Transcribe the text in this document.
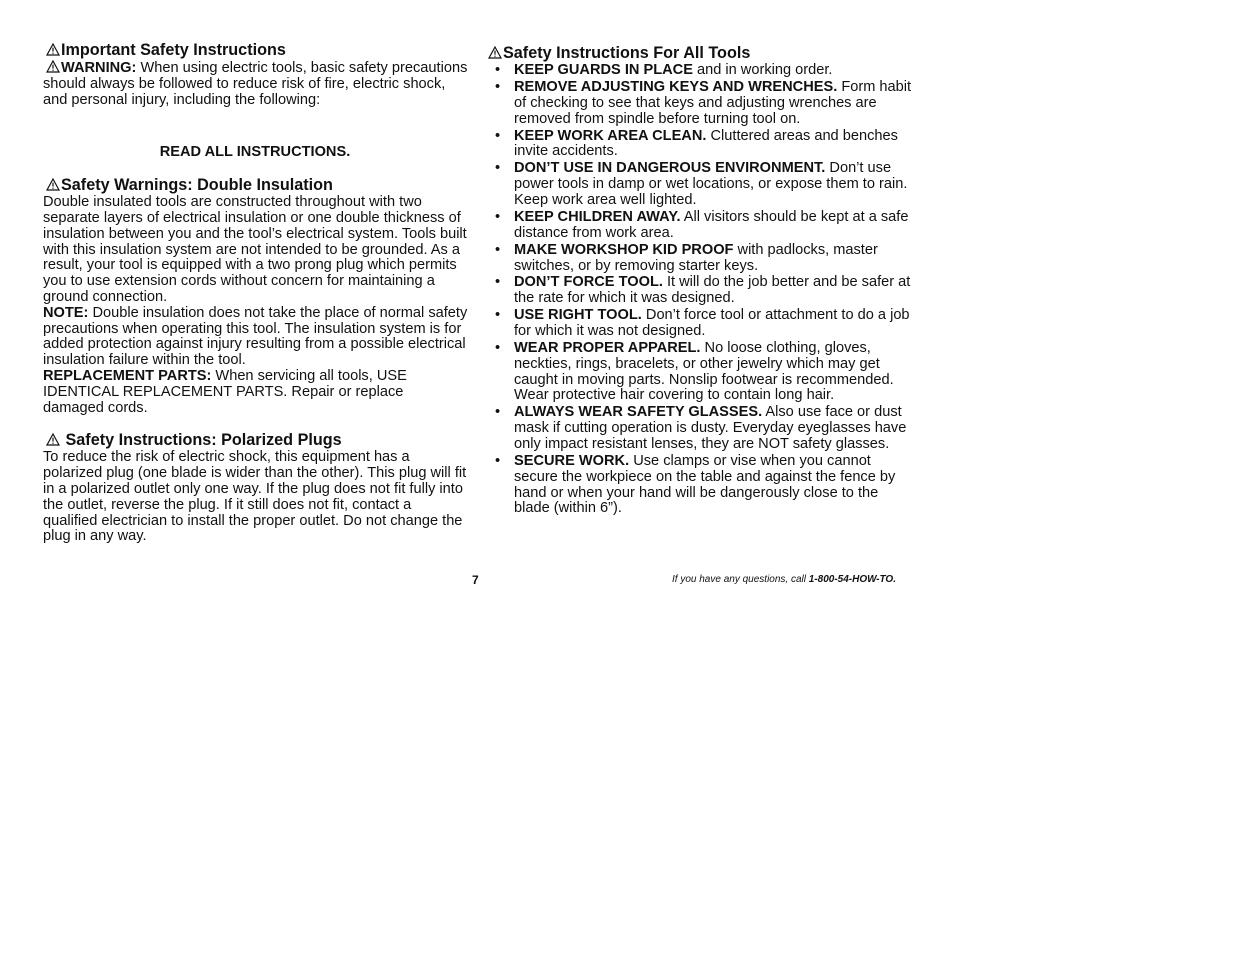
Important Safety Instructions

WARNING: When using electric tools, basic safety precautions should always be followed to reduce risk of fire, electric shock, and personal injury, including the following:

READ ALL INSTRUCTIONS.
Safety Warnings: Double Insulation

Double insulated tools are constructed throughout with two separate layers of electrical insulation or one double thickness of insulation between you and the tool’s electrical system. Tools built with this insulation system are not intended to be grounded. As a result, your tool is equipped with a two prong plug which permits you to use extension cords without concern for maintaining a ground connection.

NOTE: Double insulation does not take the place of normal safety precautions when operating this tool. The insulation system is for added protection against injury resulting from a possible electrical insulation failure within the tool.

REPLACEMENT PARTS: When servicing all tools, USE IDENTICAL REPLACEMENT PARTS. Repair or replace damaged cords.

Safety Instructions: Polarized Plugs

To reduce the risk of electric shock, this equipment has a polarized plug (one blade is wider than the other). This plug will fit in a polarized outlet only one way. If the plug does not fit fully into the outlet, reverse the plug. If it still does not fit, contact a qualified electrician to install the proper outlet. Do not change the plug in any way.

Safety Instructions For All Tools
• KEEP GUARDS IN PLACE and in working order.
• REMOVE ADJUSTING KEYS AND WRENCHES. Form habit of checking to see that keys and adjusting wrenches are removed from spindle before turning tool on.
• KEEP WORK AREA CLEAN. Cluttered areas and benches invite accidents.
• DON’T USE IN DANGEROUS ENVIRONMENT. Don’t use power tools in damp or wet locations, or expose them to rain. Keep work area well lighted.
• KEEP CHILDREN AWAY. All visitors should be kept at a safe distance from work area.
• MAKE WORKSHOP KID PROOF with padlocks, master switches, or by removing starter keys.
• DON’T FORCE TOOL. It will do the job better and be safer at the rate for which it was designed.
• USE RIGHT TOOL. Don’t force tool or attachment to do a job for which it was not designed.
• WEAR PROPER APPAREL. No loose clothing, gloves, neckties, rings, bracelets, or other jewelry which may get caught in moving parts. Nonslip footwear is recommended. Wear protective hair covering to contain long hair.
• ALWAYS WEAR SAFETY GLASSES. Also use face or dust mask if cutting operation is dusty. Everyday eyeglasses have only impact resistant lenses, they are NOT safety glasses.
• SECURE WORK. Use clamps or vise when you cannot secure the workpiece on the table and against the fence by hand or when your hand will be dangerously close to the blade (within 6”).
7	If you have any questions, call 1-800-54-HOW-TO.
